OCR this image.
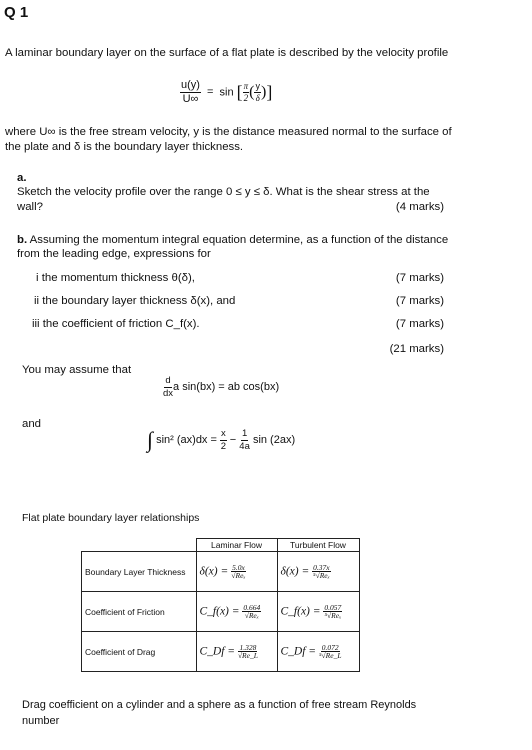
Q 1
A laminar boundary layer on the surface of a flat plate is described by the velocity profile
$\frac{u(y)}{U\infty} = \sin$ [ $\frac{\pi}{2}$ ( $\frac{y}{\delta}$ )]
where U∞ is the free stream velocity, y is the distance measured normal to the surface of
the plate and δ is the boundary layer thickness.
a.
Sketch the velocity profile over the range 0 ≤ y ≤ δ. What is the shear stress at the
wall?	(4 marks)
b. Assuming the momentum integral equation determine, as a function of the distance
from the leading edge, expressions for
i the momentum thickness θ(δ),	(7 marks)
ii the boundary layer thickness δ(x), and	(7 marks)
iii the coefficient of friction C_f(x).	(7 marks)
(21 marks)
You may assume that
$\frac{d}{dx}$ a sin(bx) = ab cos(bx)
and
∫ sin² $(ax)dx = \frac{x}{2} - \frac{1}{4a}$ sin (2ax)
Flat plate boundary layer relationships
	Laminar Flow	Turbulent Flow
Boundary Layer Thickness	$\delta(x) = \frac{5.0x}{\text{√Reₓ}}$	$\delta(x) = \frac{0.37x}{\text{⁵√Reₓ}}$

Coefficient of Friction	C_f(x) = $\frac{0.664}{\text{√Reₓ}}$	C_f(x) = $\frac{0.057}{\text{⁵√Reₓ}}$

Coefficient of Drag	C_Df = $\frac{1.328}{√Re\_L}$	C_Df = $\frac{0.072}{\text{⁵√Re\_L}}$
Drag coefficient on a cylinder and a sphere as a function of free stream Reynolds
number
